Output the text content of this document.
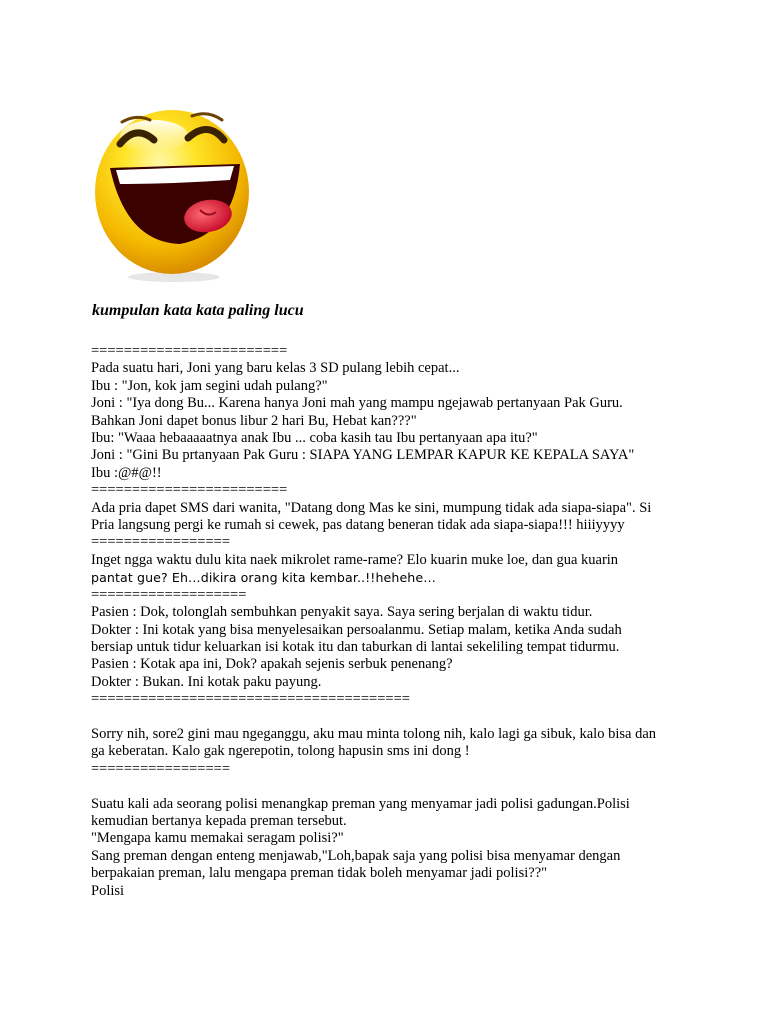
kumpulan kata kata paling lucu
========================
Pada suatu hari, Joni yang baru kelas 3 SD pulang lebih cepat...
Ibu : "Jon, kok jam segini udah pulang?"
Joni : "Iya dong Bu... Karena hanya Joni mah yang mampu ngejawab pertanyaan Pak Guru.
Bahkan Joni dapet bonus libur 2 hari Bu, Hebat kan???"
Ibu: "Waaa hebaaaaatnya anak Ibu ... coba kasih tau Ibu pertanyaan apa itu?"
Joni : "Gini Bu prtanyaan Pak Guru : SIAPA YANG LEMPAR KAPUR KE KEPALA SAYA"
Ibu :@#@!!
========================
Ada pria dapet SMS dari wanita, "Datang dong Mas ke sini, mumpung tidak ada siapa-siapa". Si
Pria langsung pergi ke rumah si cewek, pas datang beneran tidak ada siapa-siapa!!! hiiiyyyy
=================
Inget ngga waktu dulu kita naek mikrolet rame-rame? Elo kuarin muke loe, dan gua kuarin
pantat gue? Eh…dikira orang kita kembar..!!hehehe…
===================
Pasien : Dok, tolonglah sembuhkan penyakit saya. Saya sering berjalan di waktu tidur.
Dokter : Ini kotak yang bisa menyelesaikan persoalanmu. Setiap malam, ketika Anda sudah
bersiap untuk tidur keluarkan isi kotak itu dan taburkan di lantai sekeliling tempat tidurmu.
Pasien : Kotak apa ini, Dok? apakah sejenis serbuk penenang?
Dokter : Bukan. Ini kotak paku payung.
=======================================
Sorry nih, sore2 gini mau ngeganggu, aku mau minta tolong nih, kalo lagi ga sibuk, kalo bisa dan
ga keberatan. Kalo gak ngerepotin, tolong hapusin sms ini dong !
=================
Suatu kali ada seorang polisi menangkap preman yang menyamar jadi polisi gadungan.Polisi
kemudian bertanya kepada preman tersebut.
"Mengapa kamu memakai seragam polisi?"
Sang preman dengan enteng menjawab,"Loh,bapak saja yang polisi bisa menyamar dengan
berpakaian preman, lalu mengapa preman tidak boleh menyamar jadi polisi??"
Polisi
